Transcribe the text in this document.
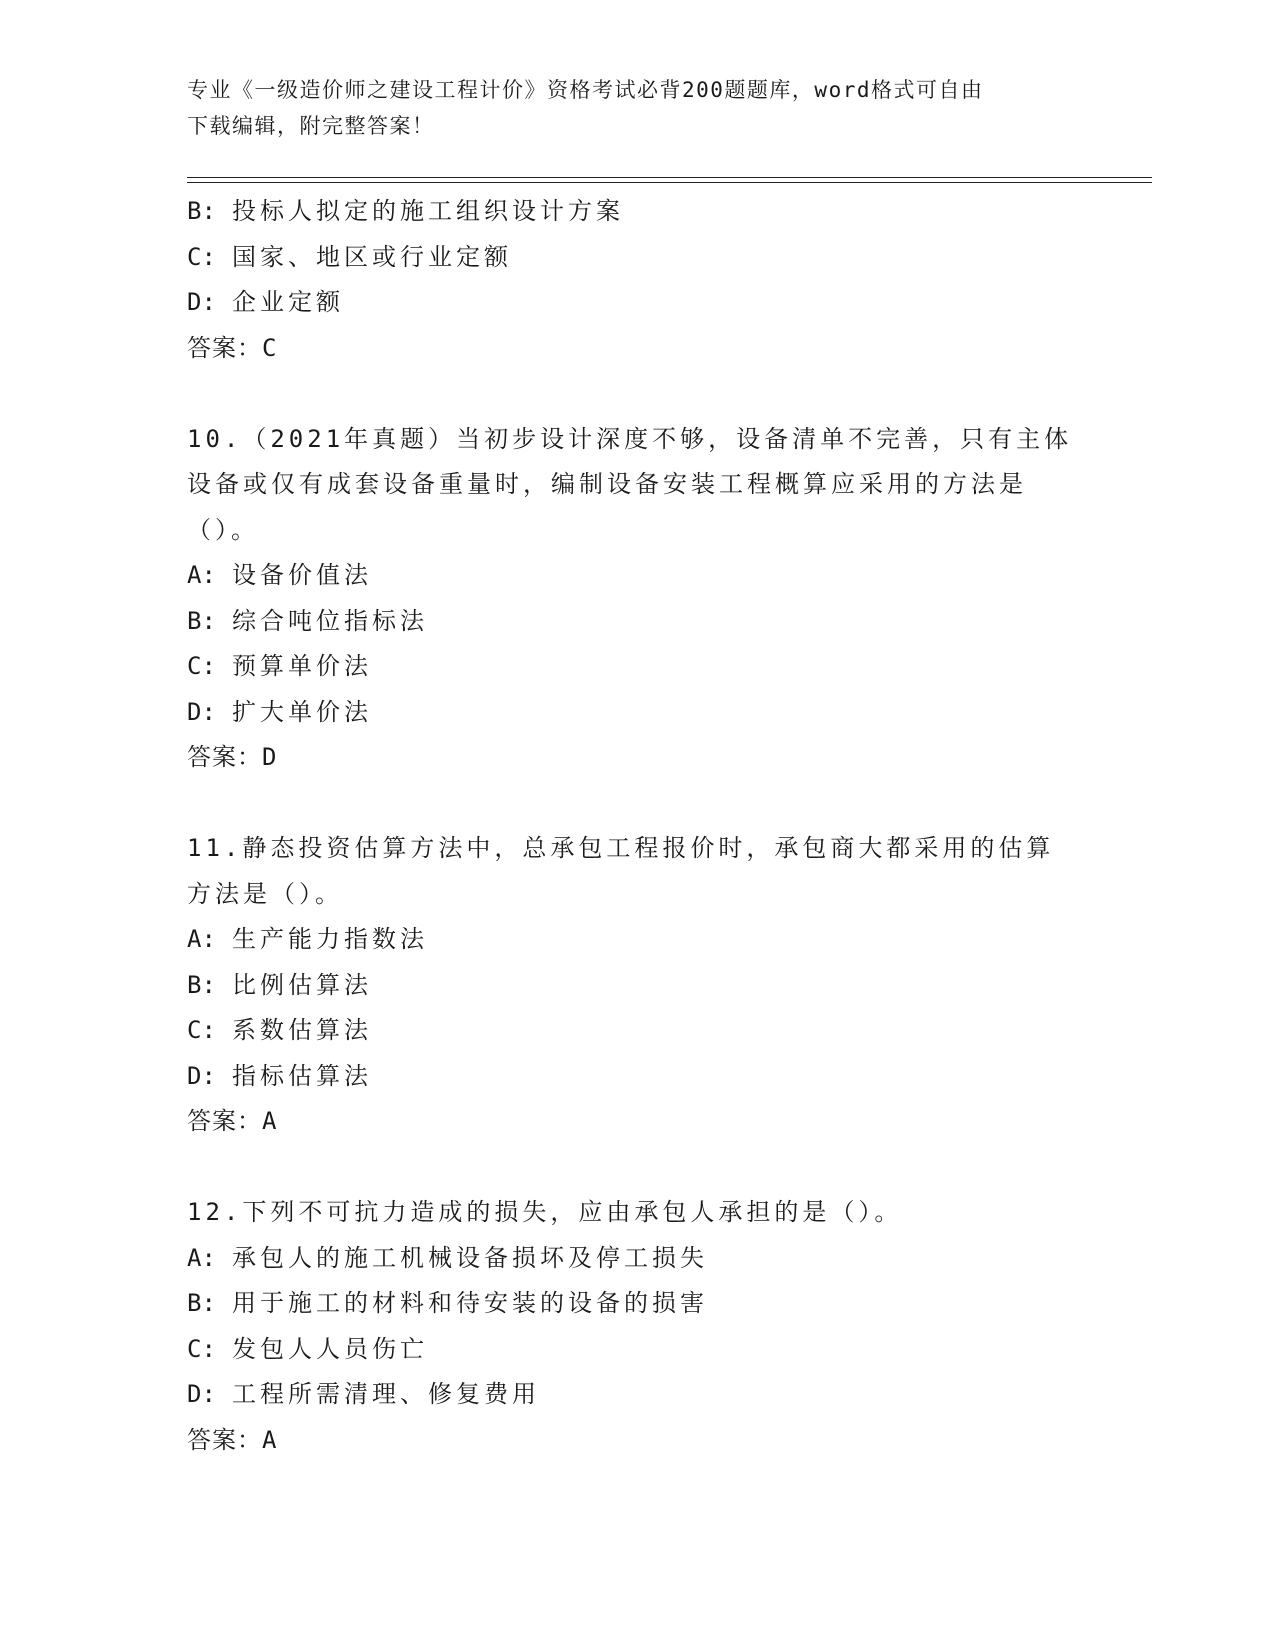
专业《一级造价师之建设工程计价》资格考试必背200题题库，word格式可自由
下载编辑，附完整答案！
B: 投标人拟定的施工组织设计方案
C: 国家、地区或行业定额
D: 企业定额
答案：C
10.（2021年真题）当初步设计深度不够，设备清单不完善，只有主体
设备或仅有成套设备重量时，编制设备安装工程概算应采用的方法是
（）。
A: 设备价值法
B: 综合吨位指标法
C: 预算单价法
D: 扩大单价法
答案：D
11.静态投资估算方法中，总承包工程报价时，承包商大都采用的估算
方法是（）。
A: 生产能力指数法
B: 比例估算法
C: 系数估算法
D: 指标估算法
答案：A
12.下列不可抗力造成的损失，应由承包人承担的是（）。
A: 承包人的施工机械设备损坏及停工损失
B: 用于施工的材料和待安装的设备的损害
C: 发包人人员伤亡
D: 工程所需清理、修复费用
答案：A
